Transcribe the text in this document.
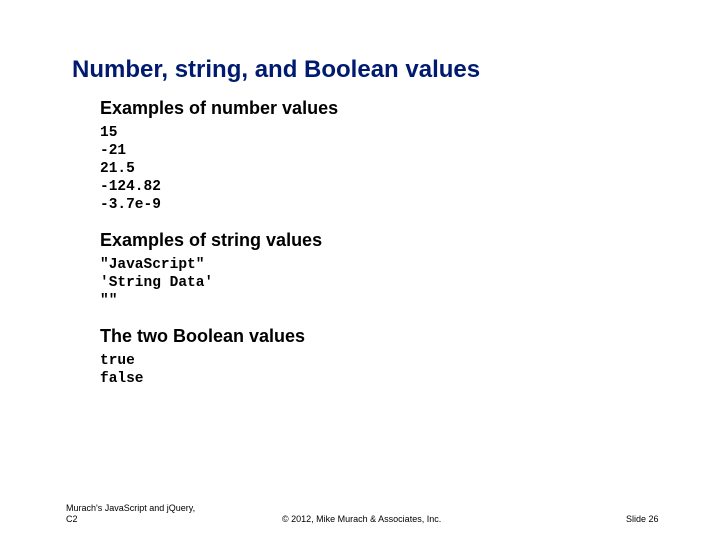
Number, string, and Boolean values
Examples of number values
15
-21
21.5
-124.82
-3.7e-9
Examples of string values
"JavaScript"
'String Data'
""
The two Boolean values
true
false
Murach's JavaScript and jQuery,
C2	© 2012, Mike Murach & Associates, Inc.	Slide 26
